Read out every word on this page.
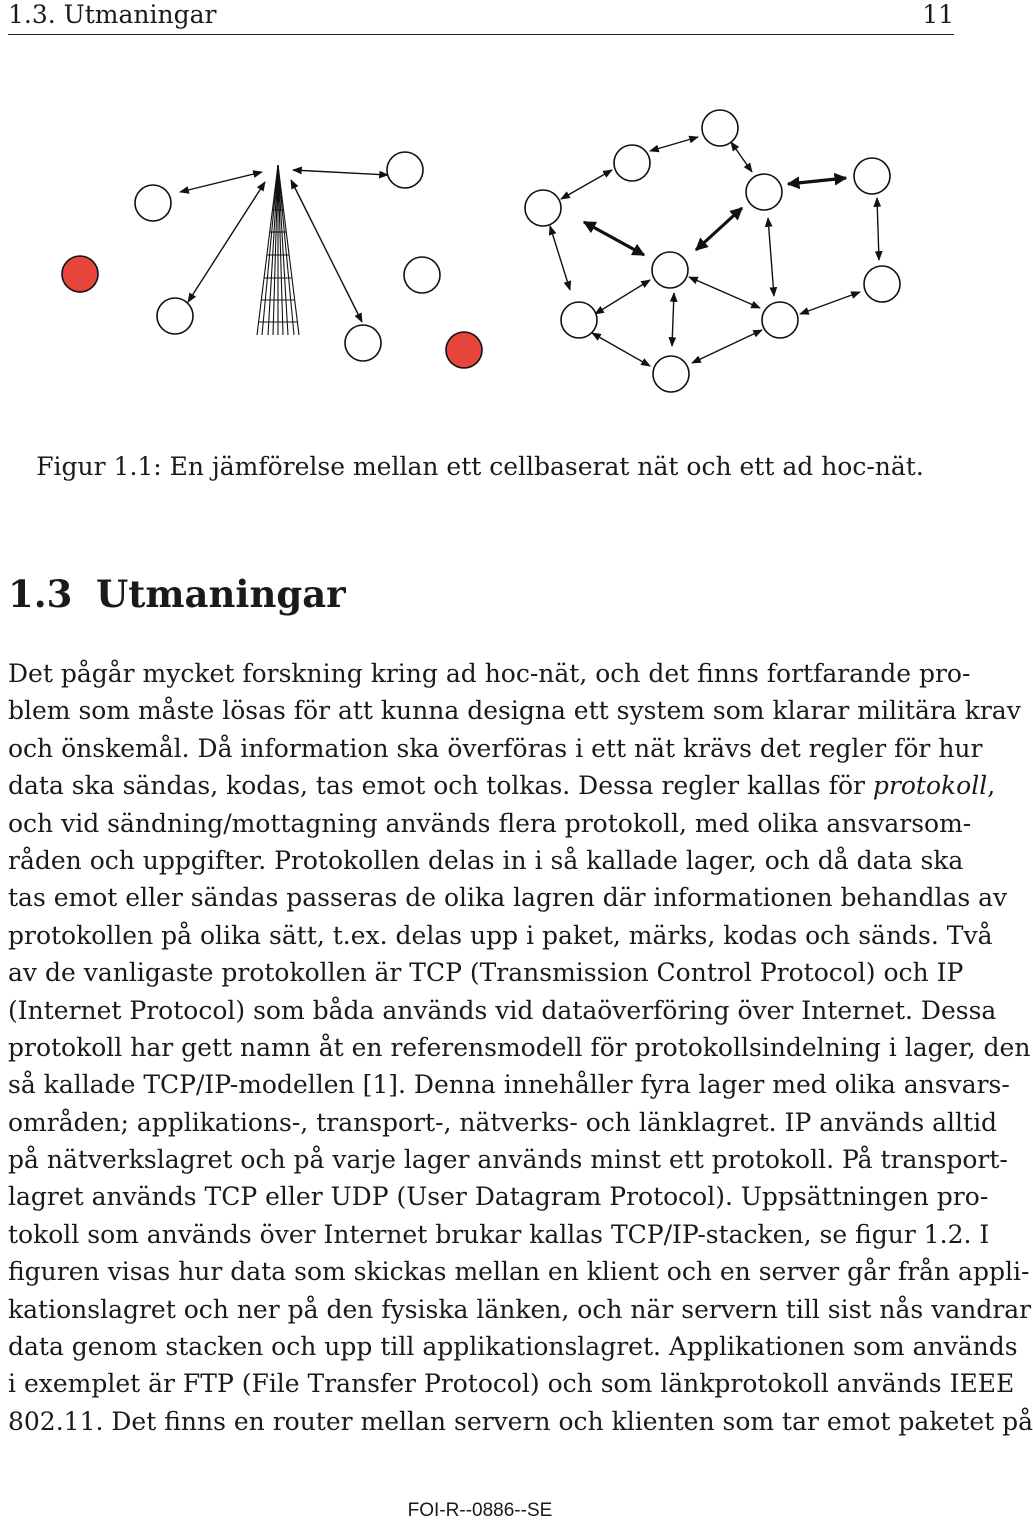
1.3. Utmaningar	11
Figur 1.1: En jämförelse mellan ett cellbaserat nät och ett ad hoc-nät.
1.3 Utmaningar
Det pågår mycket forskning kring ad hoc-nät, och det finns fortfarande pro-
blem som måste lösas för att kunna designa ett system som klarar militära krav
och önskemål. Då information ska överföras i ett nät krävs det regler för hur
data ska sändas, kodas, tas emot och tolkas. Dessa regler kallas för protokoll,
och vid sändning/mottagning används flera protokoll, med olika ansvarsom-
råden och uppgifter. Protokollen delas in i så kallade lager, och då data ska
tas emot eller sändas passeras de olika lagren där informationen behandlas av
protokollen på olika sätt, t.ex. delas upp i paket, märks, kodas och sänds. Två
av de vanligaste protokollen är TCP (Transmission Control Protocol) och IP
(Internet Protocol) som båda används vid dataöverföring över Internet. Dessa
protokoll har gett namn åt en referensmodell för protokollsindelning i lager, den
så kallade TCP/IP-modellen [1]. Denna innehåller fyra lager med olika ansvars-
områden; applikations-, transport-, nätverks- och länklagret. IP används alltid
på nätverkslagret och på varje lager används minst ett protokoll. På transport-
lagret används TCP eller UDP (User Datagram Protocol). Uppsättningen pro-
tokoll som används över Internet brukar kallas TCP/IP-stacken, se figur 1.2. I
figuren visas hur data som skickas mellan en klient och en server går från appli-
kationslagret och ner på den fysiska länken, och när servern till sist nås vandrar
data genom stacken och upp till applikationslagret. Applikationen som används
i exemplet är FTP (File Transfer Protocol) och som länkprotokoll används IEEE
802.11. Det finns en router mellan servern och klienten som tar emot paketet på
FOI-R--0886--SE
